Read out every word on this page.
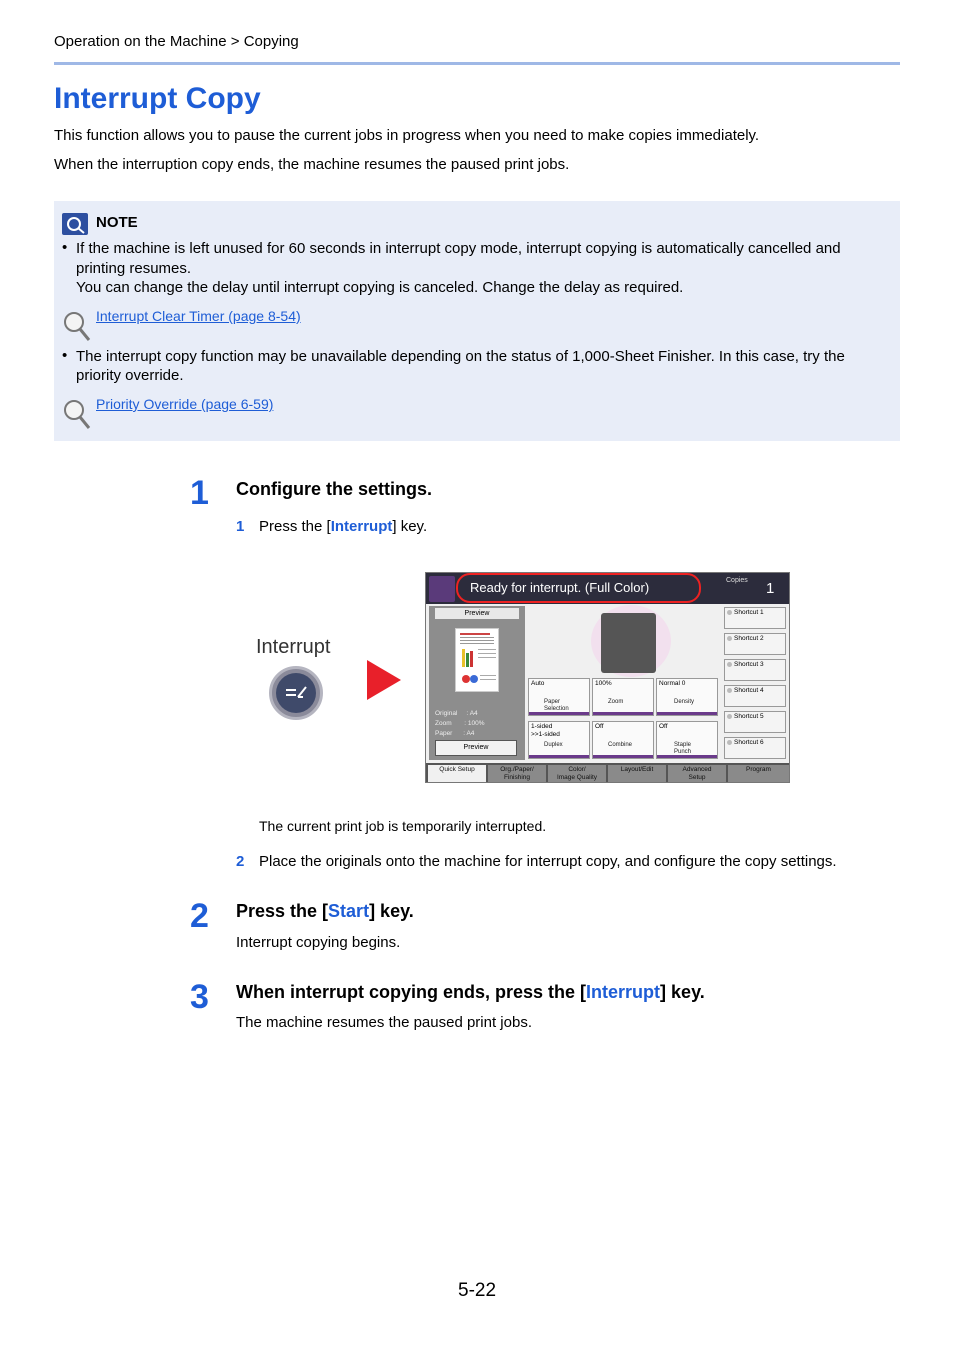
Operation on the Machine > Copying
Interrupt Copy
This function allows you to pause the current jobs in progress when you need to make copies immediately.
When the interruption copy ends, the machine resumes the paused print jobs.
NOTE
• If the machine is left unused for 60 seconds in interrupt copy mode, interrupt copying is automatically cancelled and
printing resumes.
You can change the delay until interrupt copying is canceled. Change the delay as required.
Interrupt Clear Timer (page 8-54)
• The interrupt copy function may be unavailable depending on the status of 1,000-Sheet Finisher. In this case, try the
priority override.
Priority Override (page 6-59)
1 Configure the settings.
1 Press the [Interrupt] key.
Interrupt
Ready for interrupt. (Full Color)	Copies 1
Preview
Original     : A4
Zoom       : 100%
Paper      : A4
Preview
Auto
Paper
Selection
100%
Zoom
Normal 0
Density
1-sided
>>1-sided
Duplex
Off
Combine
Off
Staple
Punch
Shortcut 1
Shortcut 2
Shortcut 3
Shortcut 4
Shortcut 5
Shortcut 6
Quick Setup	Org./Paper/
Finishing
Color/
Image Quality
Layout/Edit	Advanced
Setup
Program
The current print job is temporarily interrupted.
2 Place the originals onto the machine for interrupt copy, and configure the copy settings.
2 Press the [Start] key.
Interrupt copying begins.
3 When interrupt copying ends, press the [Interrupt] key.
The machine resumes the paused print jobs.
5-22
